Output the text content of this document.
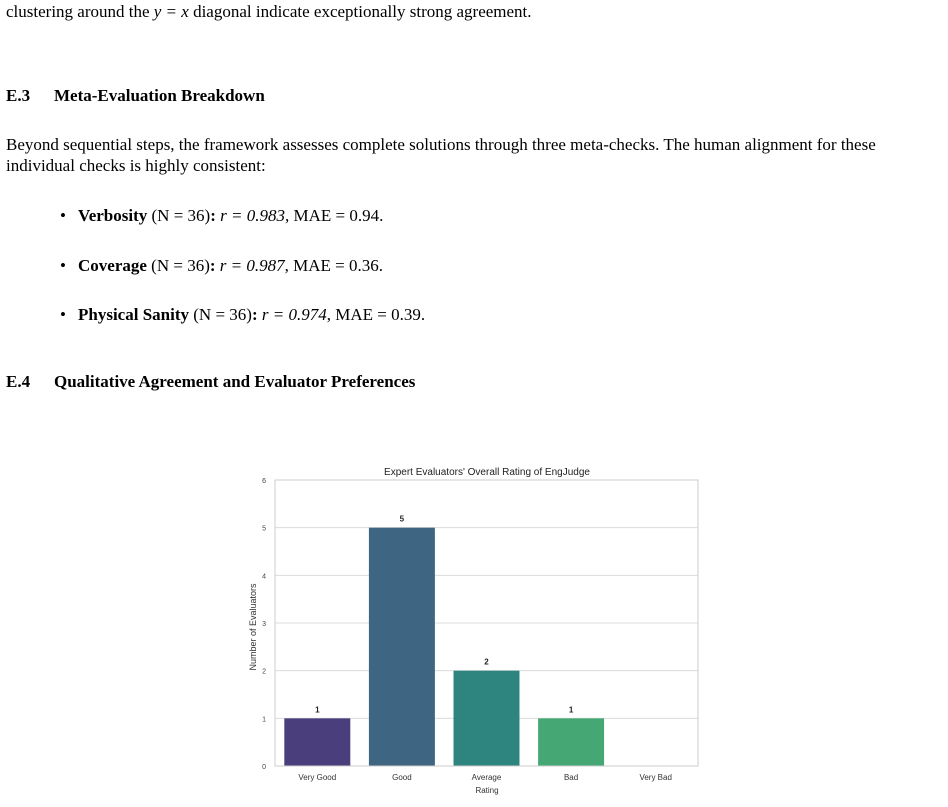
clustering around the y = x diagonal indicate exceptionally strong agreement.
E.3 Meta-Evaluation Breakdown
Beyond sequential steps, the framework assesses complete solutions through three meta-checks. The human alignment for these individual checks is highly consistent:
• Verbosity (N = 36): r = 0.983, MAE = 0.94.
• Coverage (N = 36): r = 0.987, MAE = 0.36.
• Physical Sanity (N = 36): r = 0.974, MAE = 0.39.
E.4 Qualitative Agreement and Evaluator Preferences
Expert Evaluators' Overall Rating of EngJudge
Number of Evaluators
Rating
1
5
2
1
0
1
2
3
4
5
6
Very Good	Good	Average	Bad	Very Bad
